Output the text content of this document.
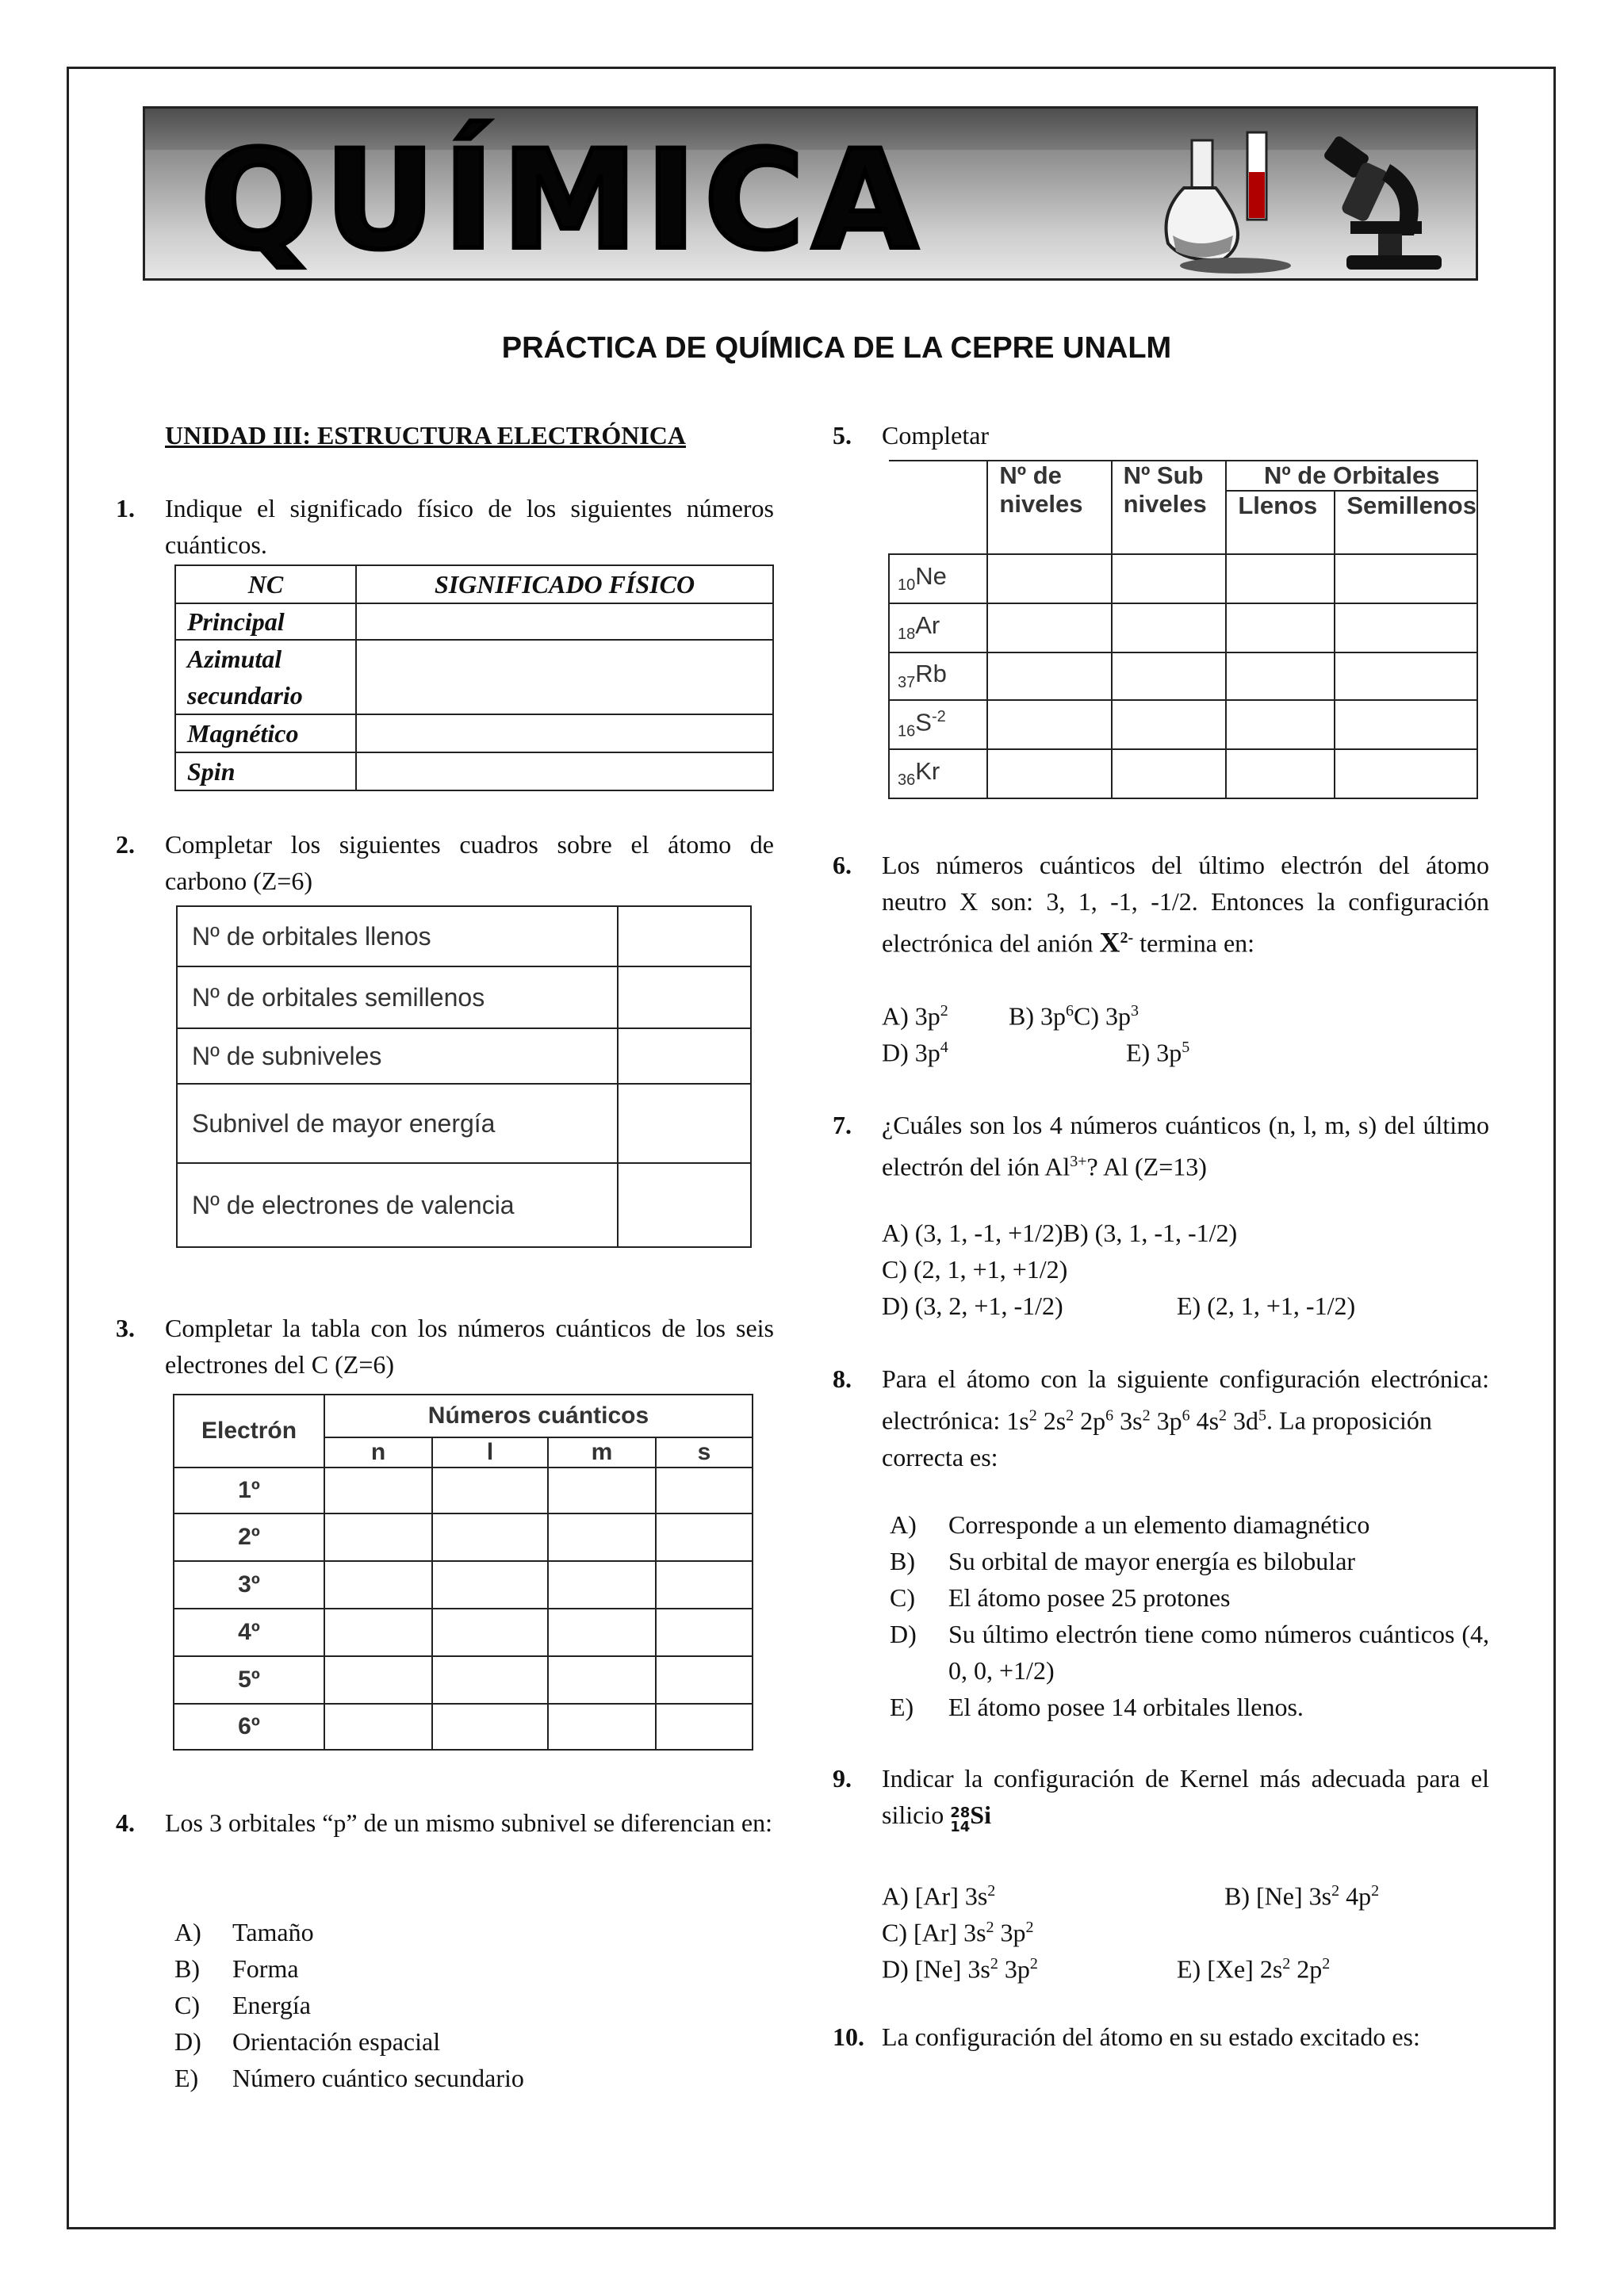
QUÍMICA
PRÁCTICA DE QUÍMICA DE LA CEPRE UNALM
UNIDAD III: ESTRUCTURA ELECTRÓNICA
1. Indique el significado físico de los siguientes números cuánticos.
NC	SIGNIFICADO FÍSICO
Principal	
Azimutal secundario	
Magnético	
Spin	
2. Completar los siguientes cuadros sobre el átomo de carbono (Z=6)
Nº de orbitales llenos	
Nº de orbitales semillenos	
Nº de subniveles	
Subnivel de mayor energía	
Nº de electrones de valencia	
3. Completar la tabla con los números cuánticos de los seis electrones del C (Z=6)
Electrón	Números cuánticos			
	n	l	m	s
1º				
2º				
3º				
4º				
5º				
6º				
4. Los 3 orbitales “p” de un mismo subnivel se diferencian en:
A) Tamaño
B) Forma
C) Energía
D) Orientación espacial
E) Número cuántico secundario
5. Completar
	Nº de niveles	Nº Sub niveles	Nº de Orbitales	
			Llenos	Semillenos
$_{10}$Ne				
$_{18}$Ar				
$_{37}$Rb				
$_{16}S^{-2}$				
$_{36}$Kr				
6. Los números cuánticos del último electrón del átomo neutro X son: 3, 1, -1, -1/2. Entonces la configuración electrónica del anión $X^{2-}$ termina en:
A) $3p^2$ B) $3p^6C$) $3p^3$
D) $3p^4$	E) $3p^5$
7. ¿Cuáles son los 4 números cuánticos (n, l, m, s) del último electrón del ión $Al^{3+}$? Al (Z=13)
A) (3, 1, -1, +1/2)B) (3, 1, -1, -1/2)
C) (2, 1, +1, +1/2)
D) (3, 2, +1, -1/2)	E) (2, 1, +1, -1/2)
8. Para el átomo con la siguiente configuración electrónica:
electrónica: $1s^2$ $2s^2$ $2p^6$ $3s^2$ $3p^6$ $4s^2$ $3d^5$. La proposición correcta es:
A) Corresponde a un elemento diamagnético
B) Su orbital de mayor energía es bilobular
C) El átomo posee 25 protones
D) Su último electrón tiene como números cuánticos (4, 0, 0, +1/2)
E) El átomo posee 14 orbitales llenos.
9. Indicar la configuración de Kernel más adecuada para el silicio 28
14 Si
A) [Ar] $3s^2$	B) [Ne] $3s^2$ $4p^2$
C) [Ar] $3s^2$ $3p^2$
D) [Ne] $3s^2$ $3p^2$	E) [Xe] $2s^2$ $2p^2$
10. La configuración del átomo en su estado excitado es:
